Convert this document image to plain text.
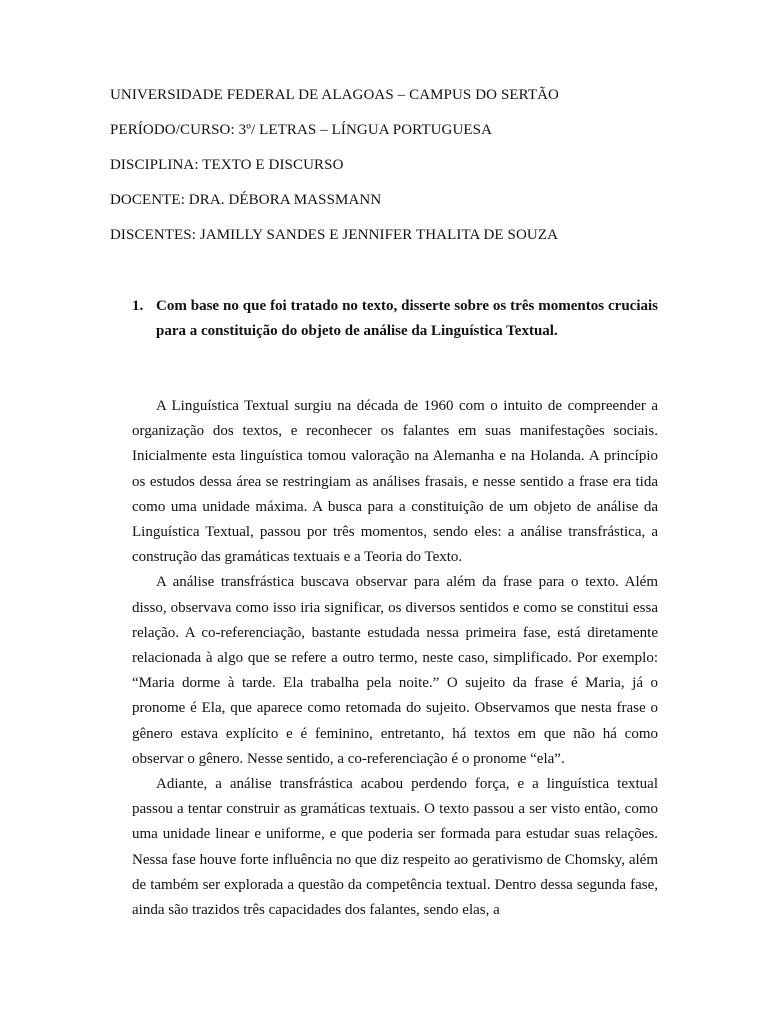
UNIVERSIDADE FEDERAL DE ALAGOAS – CAMPUS DO SERTÃO
PERÍODO/CURSO: 3º/ LETRAS – LÍNGUA PORTUGUESA
DISCIPLINA: TEXTO E DISCURSO
DOCENTE: DRA. DÉBORA MASSMANN
DISCENTES: JAMILLY SANDES E JENNIFER THALITA DE SOUZA
1. Com base no que foi tratado no texto, disserte sobre os três momentos cruciais para a constituição do objeto de análise da Linguística Textual.

A Linguística Textual surgiu na década de 1960 com o intuito de compreender a organização dos textos, e reconhecer os falantes em suas manifestações sociais. Inicialmente esta linguística tomou valoração na Alemanha e na Holanda. A princípio os estudos dessa área se restringiam as análises frasais, e nesse sentido a frase era tida como uma unidade máxima. A busca para a constituição de um objeto de análise da Linguística Textual, passou por três momentos, sendo eles: a análise transfrástica, a construção das gramáticas textuais e a Teoria do Texto.

A análise transfrástica buscava observar para além da frase para o texto. Além disso, observava como isso iria significar, os diversos sentidos e como se constitui essa relação. A co-referenciação, bastante estudada nessa primeira fase, está diretamente relacionada à algo que se refere a outro termo, neste caso, simplificado. Por exemplo: “Maria dorme à tarde. Ela trabalha pela noite.” O sujeito da frase é Maria, já o pronome é Ela, que aparece como retomada do sujeito. Observamos que nesta frase o gênero estava explícito e é feminino, entretanto, há textos em que não há como observar o gênero. Nesse sentido, a co-referenciação é o pronome “ela”.

Adiante, a análise transfrástica acabou perdendo força, e a linguística textual passou a tentar construir as gramáticas textuais. O texto passou a ser visto então, como uma unidade linear e uniforme, e que poderia ser formada para estudar suas relações. Nessa fase houve forte influência no que diz respeito ao gerativismo de Chomsky, além de também ser explorada a questão da competência textual. Dentro dessa segunda fase, ainda são trazidos três capacidades dos falantes, sendo elas, a
